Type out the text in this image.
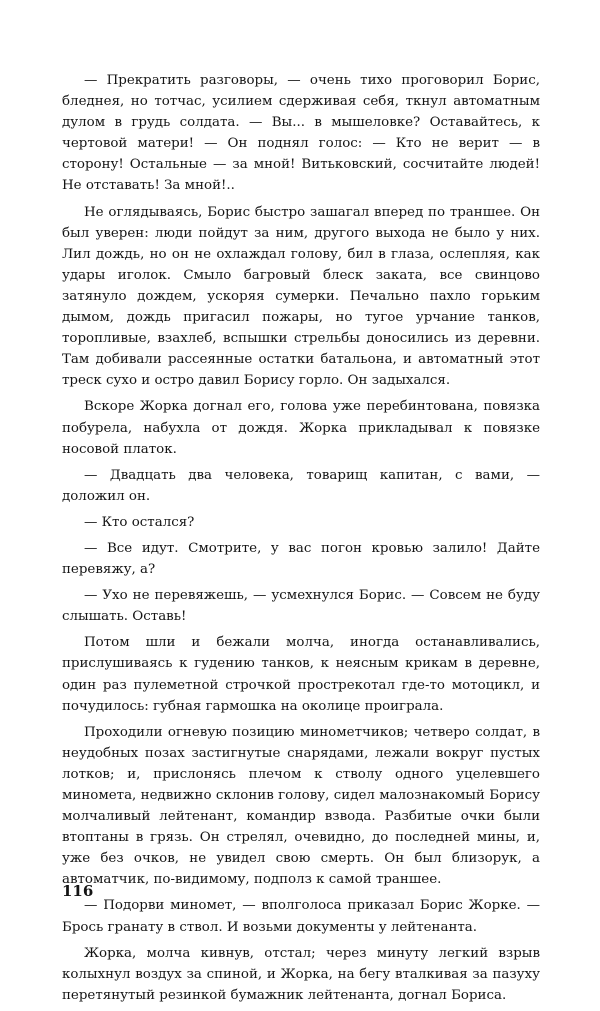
— Прекратить разговоры, — очень тихо проговорил Борис, бледнея, но тотчас, усилием сдерживая себя, ткнул автоматным дулом в грудь солдата. — Вы... в мышеловке? Оставайтесь, к чертовой матери! — Он поднял голос: — Кто не верит — в сторону! Остальные — за мной! Витьковский, сосчитайте людей! Не отставать! За мной!..

Не оглядываясь, Борис быстро зашагал вперед по траншее. Он был уверен: люди пойдут за ним, другого выхода не было у них. Лил дождь, но он не охлаждал голову, бил в глаза, ослепляя, как удары иголок. Смыло багровый блеск заката, все свинцово затянуло дождем, ускоряя сумерки. Печально пахло горьким дымом, дождь пригасил пожары, но тугое урчание танков, торопливые, взахлеб, вспышки стрельбы доносились из деревни. Там добивали рассеянные остатки батальона, и автоматный этот треск сухо и остро давил Борису горло. Он задыхался.

Вскоре Жорка догнал его, голова уже перебинтована, повязка побурела, набухла от дождя. Жорка прикладывал к повязке носовой платок.

— Двадцать два человека, товарищ капитан, с вами, — доложил он.

— Кто остался?

— Все идут. Смотрите, у вас погон кровью залило! Дайте перевяжу, а?

— Ухо не перевяжешь, — усмехнулся Борис. — Совсем не буду слышать. Оставь!

Потом шли и бежали молча, иногда останавливались, прислушиваясь к гудению танков, к неясным крикам в деревне, один раз пулеметной строчкой прострекотал где-то мотоцикл, и почудилось: губная гармошка на околице проиграла.

Проходили огневую позицию минометчиков; четверо солдат, в неудобных позах застигнутые снарядами, лежали вокруг пустых лотков; и, прислонясь плечом к стволу одного уцелевшего миномета, недвижно склонив голову, сидел малознакомый Борису молчаливый лейтенант, командир взвода. Разбитые очки были втоптаны в грязь. Он стрелял, очевидно, до последней мины, и, уже без очков, не увидел свою смерть. Он был близорук, а автоматчик, по-видимому, подполз к самой траншее.

— Подорви миномет, — вполголоса приказал Борис Жорке. — Брось гранату в ствол. И возьми документы у лейтенанта.

Жорка, молча кивнув, отстал; через минуту легкий взрыв колыхнул воздух за спиной, и Жорка, на бегу вталкивая за пазуху перетянутый резинкой бумажник лейтенанта, догнал Бориса.

116
